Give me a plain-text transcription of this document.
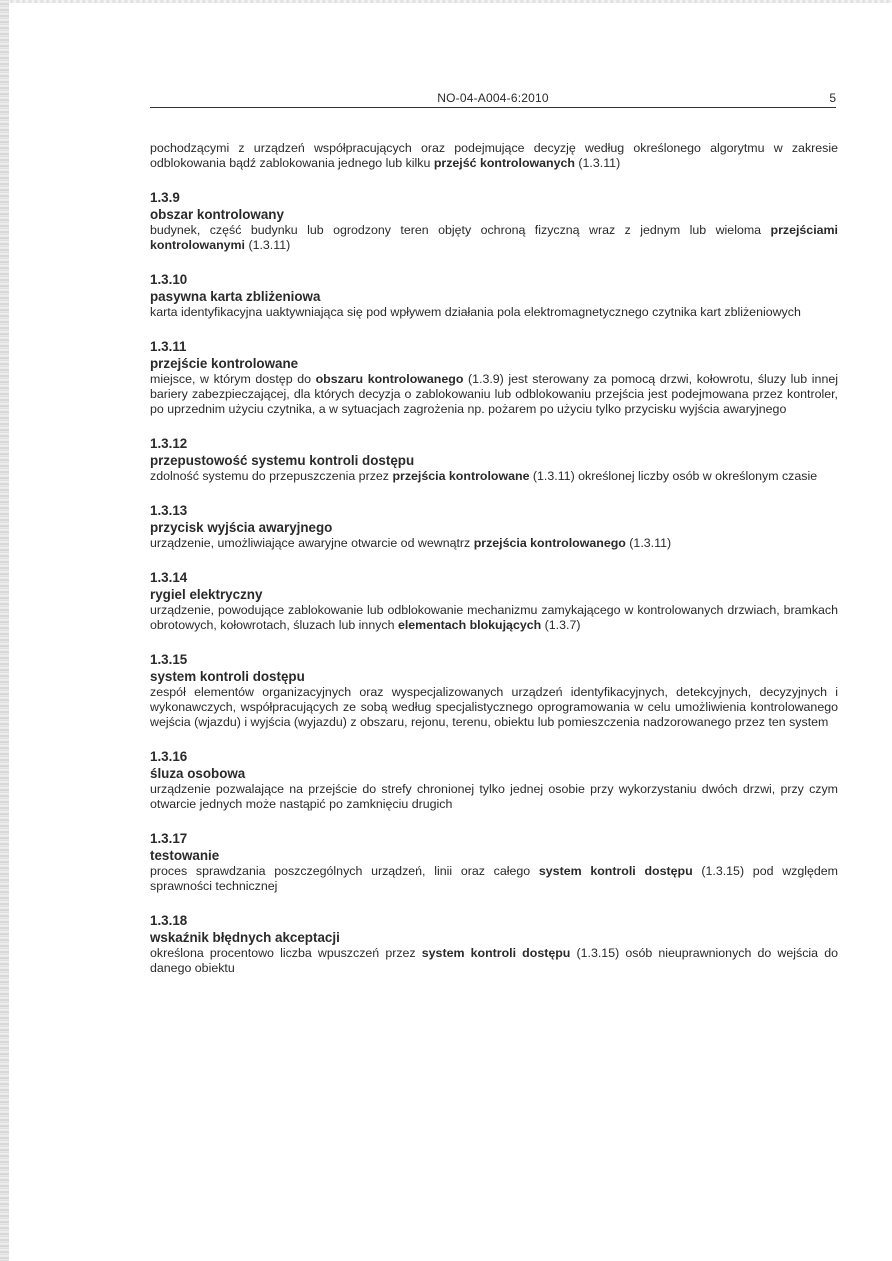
NO-04-A004-6:2010	5

pochodzącymi z urządzeń współpracujących oraz podejmujące decyzję według określonego algorytmu w zakresie odblokowania bądź zablokowania jednego lub kilku przejść kontrolowanych (1.3.11)

1.3.9

obszar kontrolowany

budynek, część budynku lub ogrodzony teren objęty ochroną fizyczną wraz z jednym lub wieloma przejściami kontrolowanymi (1.3.11)

1.3.10

pasywna karta zbliżeniowa

karta identyfikacyjna uaktywniająca się pod wpływem działania pola elektromagnetycznego czytnika kart zbliżeniowych

1.3.11

przejście kontrolowane

miejsce, w którym dostęp do obszaru kontrolowanego (1.3.9) jest sterowany za pomocą drzwi, kołowrotu, śluzy lub innej bariery zabezpieczającej, dla których decyzja o zablokowaniu lub odblokowaniu przejścia jest podejmowana przez kontroler, po uprzednim użyciu czytnika, a w sytuacjach zagrożenia np. pożarem po użyciu tylko przycisku wyjścia awaryjnego

1.3.12

przepustowość systemu kontroli dostępu

zdolność systemu do przepuszczenia przez przejścia kontrolowane (1.3.11) określonej liczby osób w określonym czasie

1.3.13

przycisk wyjścia awaryjnego

urządzenie, umożliwiające awaryjne otwarcie od wewnątrz przejścia kontrolowanego (1.3.11)

1.3.14

rygiel elektryczny

urządzenie, powodujące zablokowanie lub odblokowanie mechanizmu zamykającego w kontrolowanych drzwiach, bramkach obrotowych, kołowrotach, śluzach lub innych elementach blokujących (1.3.7)

1.3.15

system kontroli dostępu

zespół elementów organizacyjnych oraz wyspecjalizowanych urządzeń identyfikacyjnych, detekcyjnych, decyzyjnych i wykonawczych, współpracujących ze sobą według specjalistycznego oprogramowania w celu umożliwienia kontrolowanego wejścia (wjazdu) i wyjścia (wyjazdu) z obszaru, rejonu, terenu, obiektu lub pomieszczenia nadzorowanego przez ten system

1.3.16

śluza osobowa

urządzenie pozwalające na przejście do strefy chronionej tylko jednej osobie przy wykorzystaniu dwóch drzwi, przy czym otwarcie jednych może nastąpić po zamknięciu drugich

1.3.17

testowanie

proces sprawdzania poszczególnych urządzeń, linii oraz całego system kontroli dostępu (1.3.15) pod względem sprawności technicznej

1.3.18

wskaźnik błędnych akceptacji

określona procentowo liczba wpuszczeń przez system kontroli dostępu (1.3.15) osób nieuprawnionych do wejścia do danego obiektu
